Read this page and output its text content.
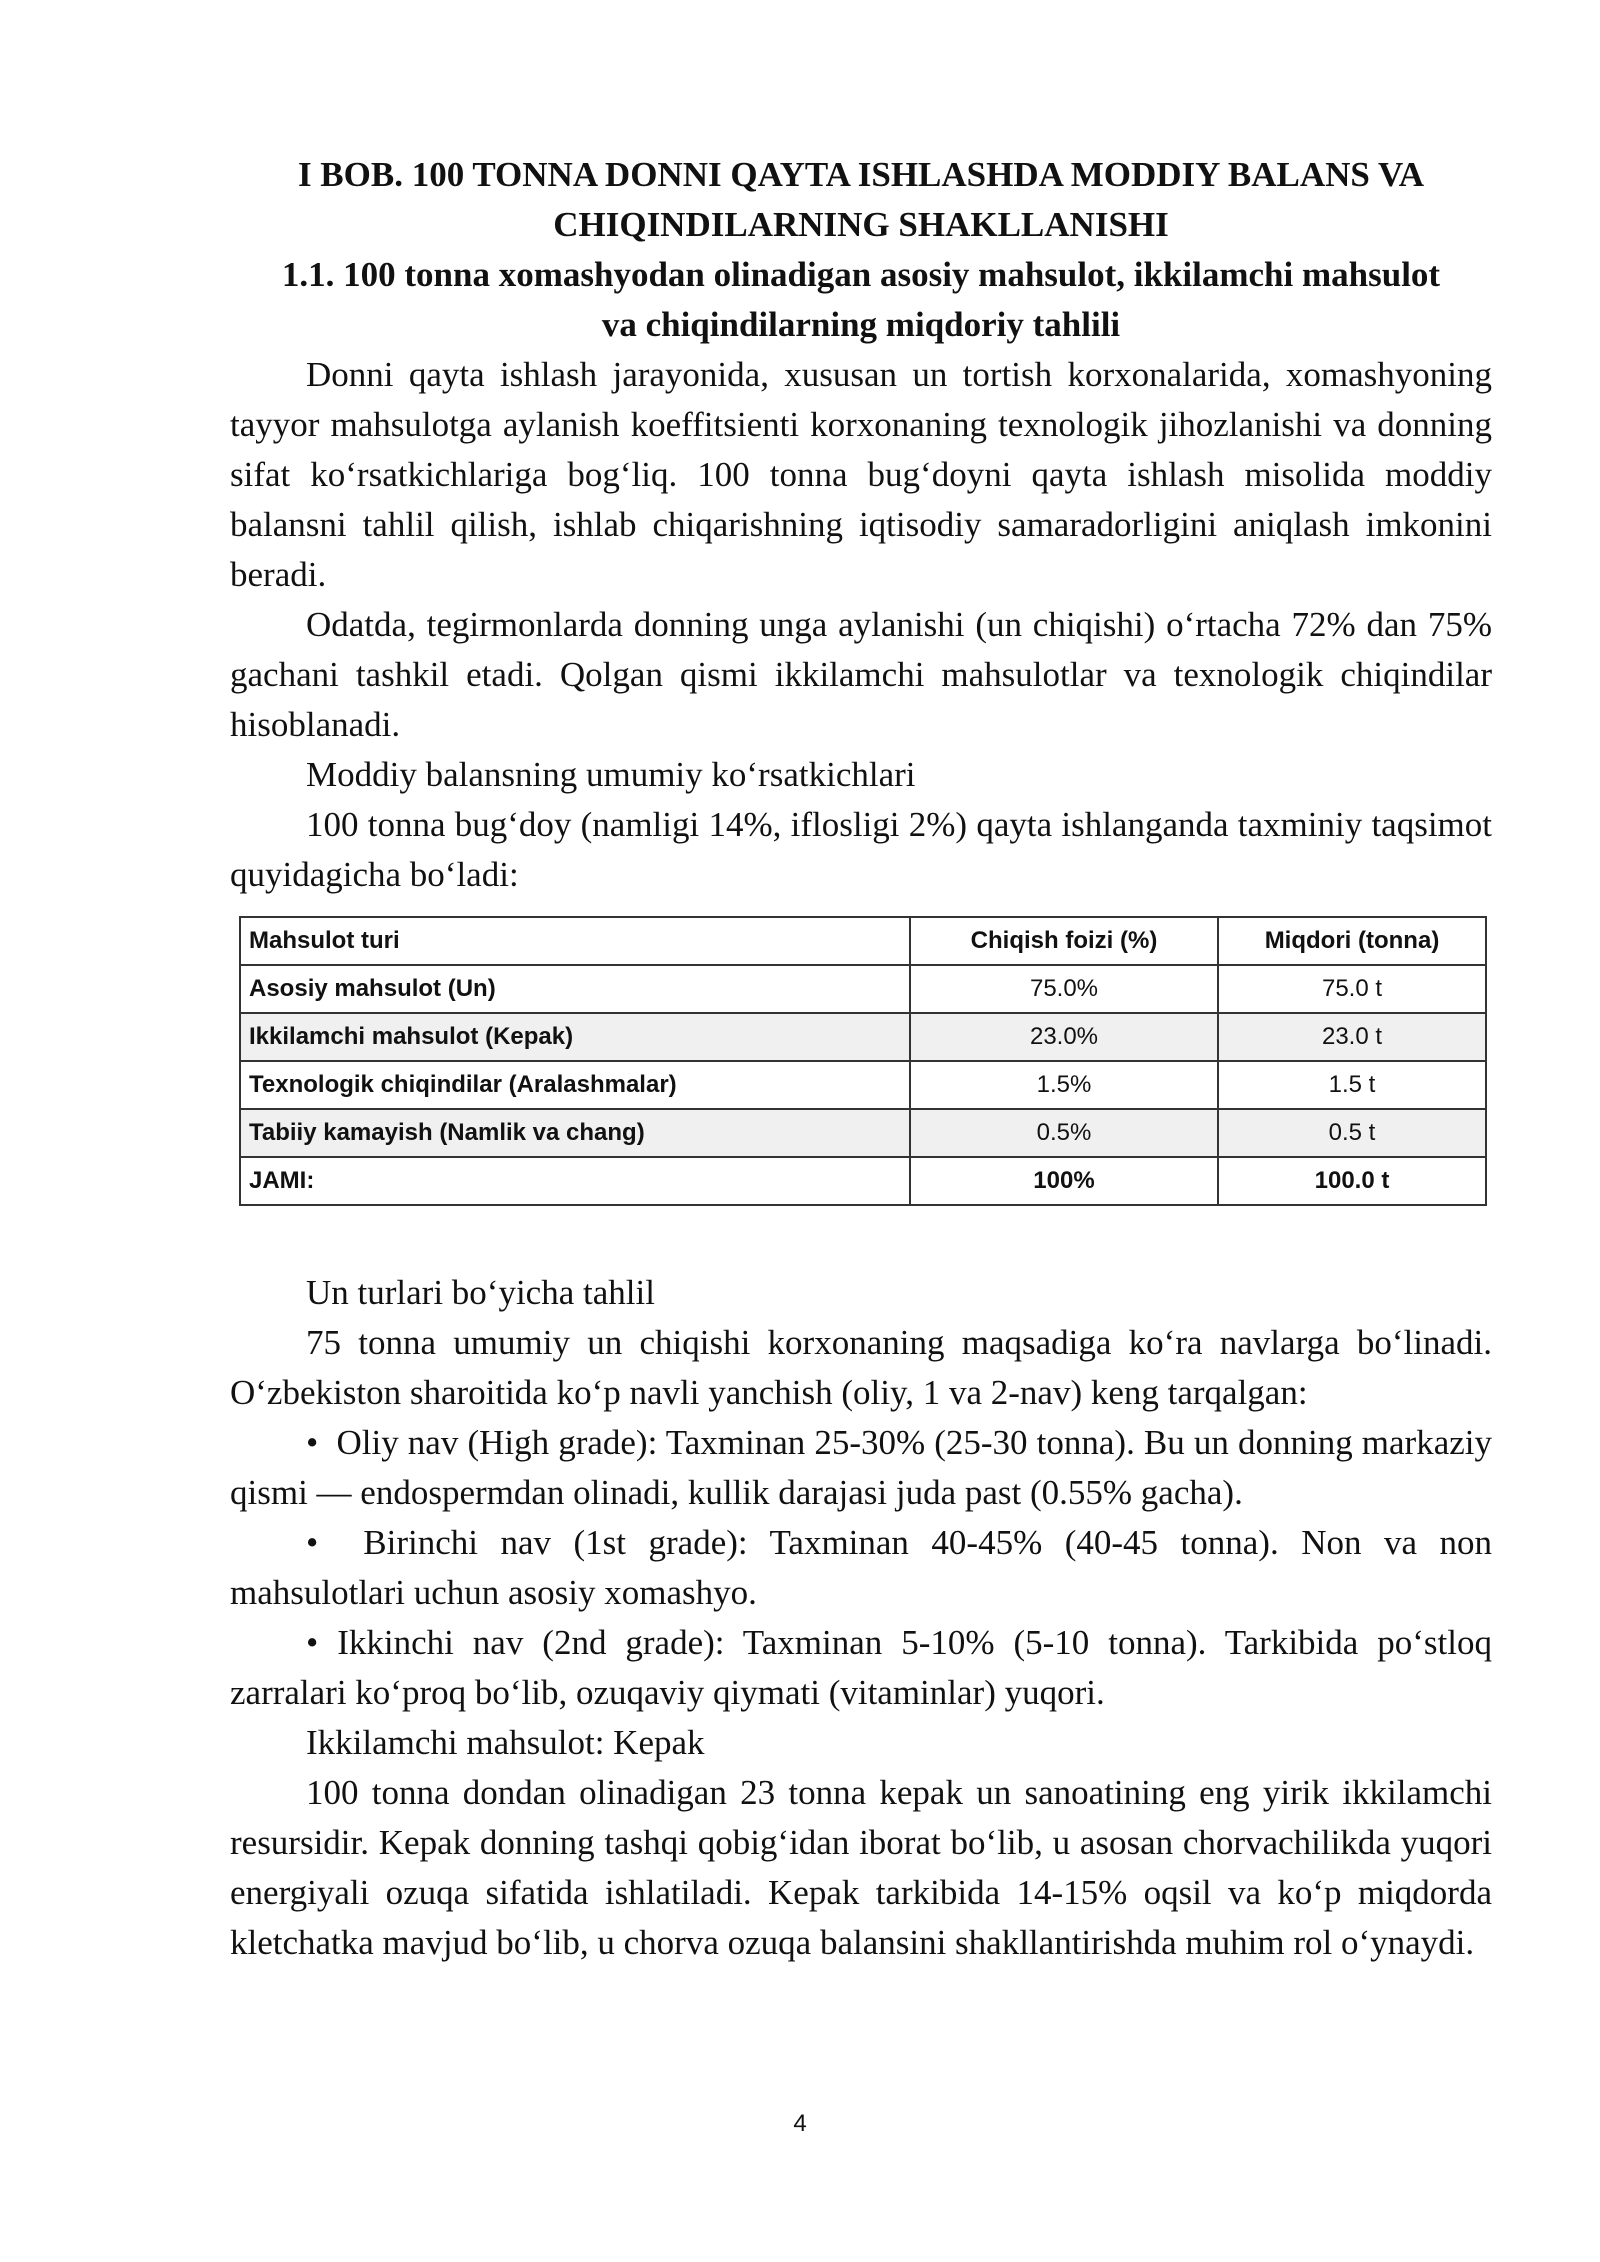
I BOB. 100 TONNA DONNI QAYTA ISHLASHDA MODDIY BALANS VA
CHIQINDILARNING SHAKLLANISHI
1.1. 100 tonna xomashyodan olinadigan asosiy mahsulot, ikkilamchi mahsulot va chiqindilarning miqdoriy tahlili

Donni qayta ishlash jarayonida, xususan un tortish korxonalarida, xomashyoning tayyor mahsulotga aylanish koeffitsienti korxonaning texnologik jihozlanishi va donning sifat ko‘rsatkichlariga bog‘liq. 100 tonna bug‘doyni qayta ishlash misolida moddiy balansni tahlil qilish, ishlab chiqarishning iqtisodiy samaradorligini aniqlash imkonini beradi.

Odatda, tegirmonlarda donning unga aylanishi (un chiqishi) o‘rtacha 72% dan 75% gachani tashkil etadi. Qolgan qismi ikkilamchi mahsulotlar va texnologik chiqindilar hisoblanadi.

Moddiy balansning umumiy ko‘rsatkichlari

100 tonna bug‘doy (namligi 14%, iflosligi 2%) qayta ishlanganda taxminiy taqsimot quyidagicha bo‘ladi:

Mahsulot turi	Chiqish foizi (%)	Miqdori (tonna)
Asosiy mahsulot (Un)	75.0%	75.0 t
Ikkilamchi mahsulot (Kepak)	23.0%	23.0 t
Texnologik chiqindilar (Aralashmalar)	1.5%	1.5 t
Tabiiy kamayish (Namlik va chang)	0.5%	0.5 t
JAMI:	100%	100.0 t

Un turlari bo‘yicha tahlil

75 tonna umumiy un chiqishi korxonaning maqsadiga ko‘ra navlarga bo‘linadi. O‘zbekiston sharoitida ko‘p navli yanchish (oliy, 1 va 2-nav) keng tarqalgan:

• Oliy nav (High grade): Taxminan 25-30% (25-30 tonna). Bu un donning markaziy qismi — endospermdan olinadi, kullik darajasi juda past (0.55% gacha).

• Birinchi nav (1st grade): Taxminan 40-45% (40-45 tonna). Non va non mahsulotlari uchun asosiy xomashyo.

• Ikkinchi nav (2nd grade): Taxminan 5-10% (5-10 tonna). Tarkibida po‘stloq zarralari ko‘proq bo‘lib, ozuqaviy qiymati (vitaminlar) yuqori.

Ikkilamchi mahsulot: Kepak

100 tonna dondan olinadigan 23 tonna kepak un sanoatining eng yirik ikkilamchi resursidir. Kepak donning tashqi qobig‘idan iborat bo‘lib, u asosan chorvachilikda yuqori energiyali ozuqa sifatida ishlatiladi. Kepak tarkibida 14-15% oqsil va ko‘p miqdorda kletchatka mavjud bo‘lib, u chorva ozuqa balansini shakllantirishda muhim rol o‘ynaydi.

4
